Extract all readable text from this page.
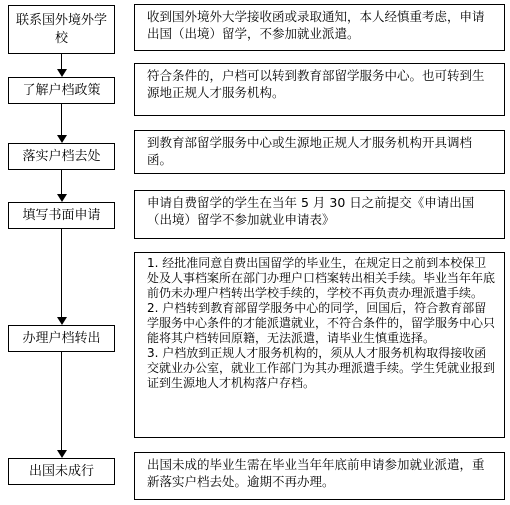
联系国外境外学校
了解户档政策
落实户档去处
填写书面申请
办理户档转出
出国未成行

收到国外境外大学接收函或录取通知，本人经慎重考虑，申请出国（出境）留学，不参加就业派遣。

符合条件的，户档可以转到教育部留学服务中心。也可转到生源地正规人才服务机构。

到教育部留学服务中心或生源地正规人才服务机构开具调档函。

申请自费留学的学生在当年 5 月 30 日之前提交《申请出国（出境）留学不参加就业申请表》

1. 经批准同意自费出国留学的毕业生，在规定日之前到本校保卫处及人事档案所在部门办理户口档案转出相关手续。毕业当年年底前仍未办理户档转出学校手续的，学校不再负责办理派遣手续。

2. 户档转到教育部留学服务中心的同学，回国后，符合教育部留学服务中心条件的才能派遣就业，不符合条件的，留学服务中心只能将其户档转回原籍，无法派遣，请毕业生慎重选择。

3. 户档放到正规人才服务机构的，须从人才服务机构取得接收函交就业办公室，就业工作部门为其办理派遣手续。学生凭就业报到证到生源地人才机构落户存档。

出国未成的毕业生需在毕业当年年底前申请参加就业派遣，重新落实户档去处。逾期不再办理。
